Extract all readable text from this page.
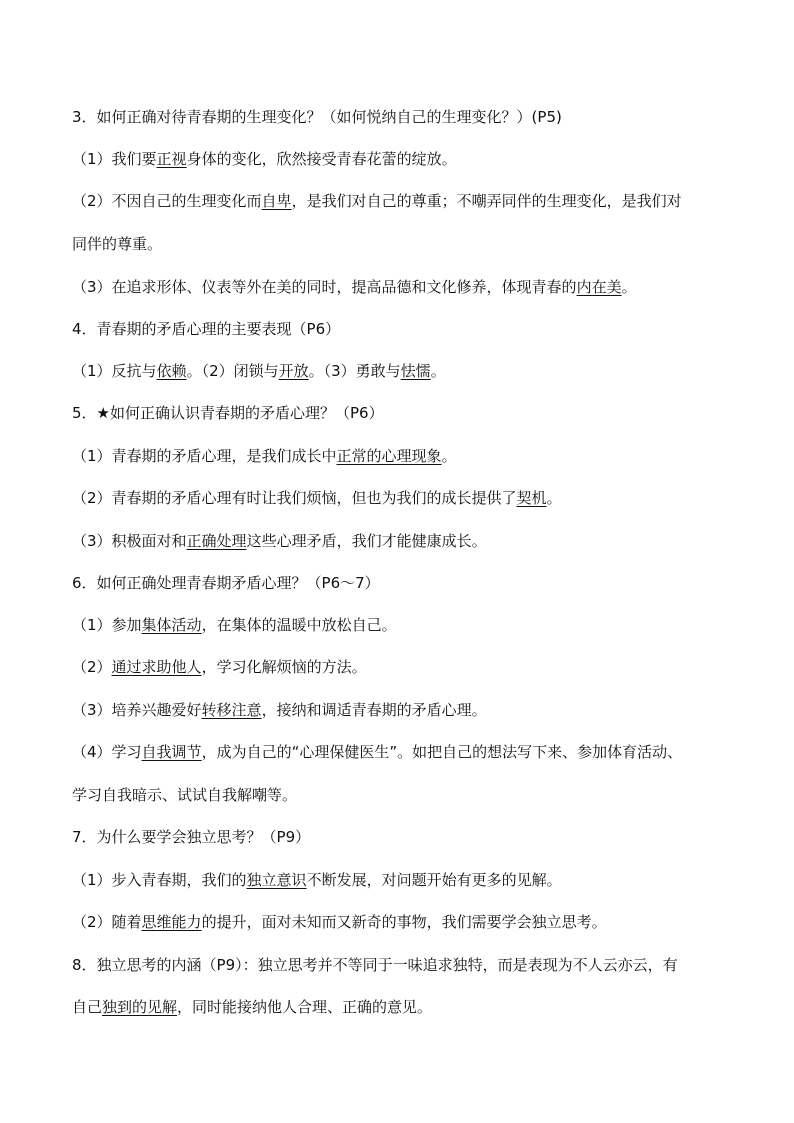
3．如何正确对待青春期的生理变化？（如何悦纳自己的生理变化？）(P5)
（1）我们要正视身体的变化，欣然接受青春花蕾的绽放。
（2）不因自己的生理变化而自卑，是我们对自己的尊重；不嘲弄同伴的生理变化，是我们对
同伴的尊重。
（3）在追求形体、仪表等外在美的同时，提高品德和文化修养，体现青春的内在美。
4．青春期的矛盾心理的主要表现（P6）
（1）反抗与依赖。（2）闭锁与开放。（3）勇敢与怯懦。
5．★如何正确认识青春期的矛盾心理？（P6）
（1）青春期的矛盾心理，是我们成长中正常的心理现象。
（2）青春期的矛盾心理有时让我们烦恼，但也为我们的成长提供了契机。
（3）积极面对和正确处理这些心理矛盾，我们才能健康成长。
6．如何正确处理青春期矛盾心理？（P6～7）
（1）参加集体活动，在集体的温暖中放松自己。
（2）通过求助他人，学习化解烦恼的方法。
（3）培养兴趣爱好转移注意，接纳和调适青春期的矛盾心理。
（4）学习自我调节，成为自己的“心理保健医生”。如把自己的想法写下来、参加体育活动、
学习自我暗示、试试自我解嘲等。
7．为什么要学会独立思考？（P9）
（1）步入青春期，我们的独立意识不断发展，对问题开始有更多的见解。
（2）随着思维能力的提升，面对未知而又新奇的事物，我们需要学会独立思考。
8．独立思考的内涵（P9）：独立思考并不等同于一味追求独特，而是表现为不人云亦云，有
自己独到的见解，同时能接纳他人合理、正确的意见。
